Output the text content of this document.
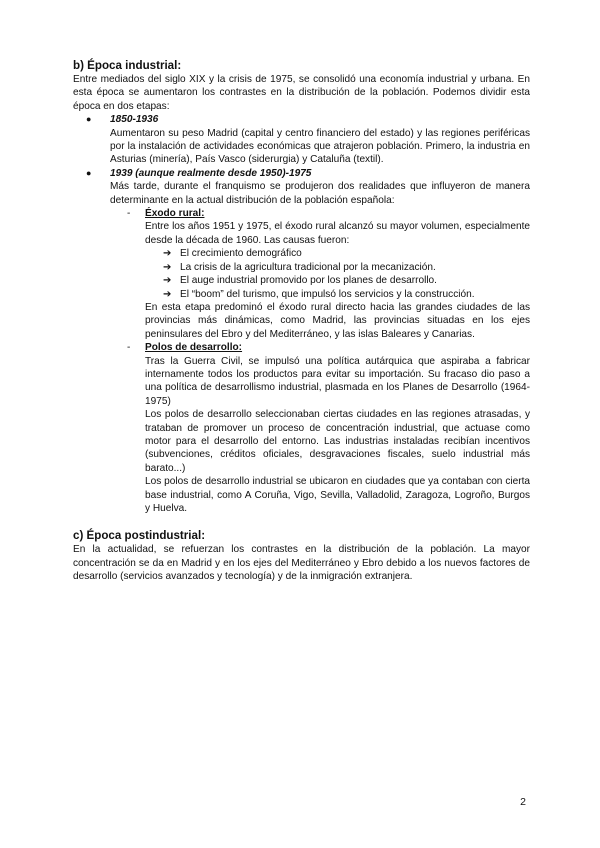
b) Época industrial:

Entre mediados del siglo XIX y la crisis de 1975, se consolidó una economía industrial y urbana. En esta época se aumentaron los contrastes en la distribución de la población. Podemos dividir esta época en dos etapas:

● 1850-1936

Aumentaron su peso Madrid (capital y centro financiero del estado) y las regiones periféricas por la instalación de actividades económicas que atrajeron población. Primero, la industria en Asturias (minería), País Vasco (siderurgia) y Cataluña (textil).

● 1939 (aunque realmente desde 1950)-1975

Más tarde, durante el franquismo se produjeron dos realidades que influyeron de manera determinante en la actual distribución de la población española:

- Éxodo rural:

Entre los años 1951 y 1975, el éxodo rural alcanzó su mayor volumen, especialmente desde la década de 1960. Las causas fueron:

➔ El crecimiento demográfico
➔ La crisis de la agricultura tradicional por la mecanización.
➔ El auge industrial promovido por los planes de desarrollo.
➔ El “boom” del turismo, que impulsó los servicios y la construcción.

En esta etapa predominó el éxodo rural directo hacia las grandes ciudades de las provincias más dinámicas, como Madrid, las provincias situadas en los ejes peninsulares del Ebro y del Mediterráneo, y las islas Baleares y Canarias.

- Polos de desarrollo:

Tras la Guerra Civil, se impulsó una política autárquica que aspiraba a fabricar internamente todos los productos para evitar su importación. Su fracaso dio paso a una política de desarrollismo industrial, plasmada en los Planes de Desarrollo (1964-1975)

Los polos de desarrollo seleccionaban ciertas ciudades en las regiones atrasadas, y trataban de promover un proceso de concentración industrial, que actuase como motor para el desarrollo del entorno. Las industrias instaladas recibían incentivos (subvenciones, créditos oficiales, desgravaciones fiscales, suelo industrial más barato...)

Los polos de desarrollo industrial se ubicaron en ciudades que ya contaban con cierta base industrial, como A Coruña, Vigo, Sevilla, Valladolid, Zaragoza, Logroño, Burgos y Huelva.

c) Época postindustrial:

En la actualidad, se refuerzan los contrastes en la distribución de la población. La mayor concentración se da en Madrid y en los ejes del Mediterráneo y Ebro debido a los nuevos factores de desarrollo (servicios avanzados y tecnología) y de la inmigración extranjera.

2
